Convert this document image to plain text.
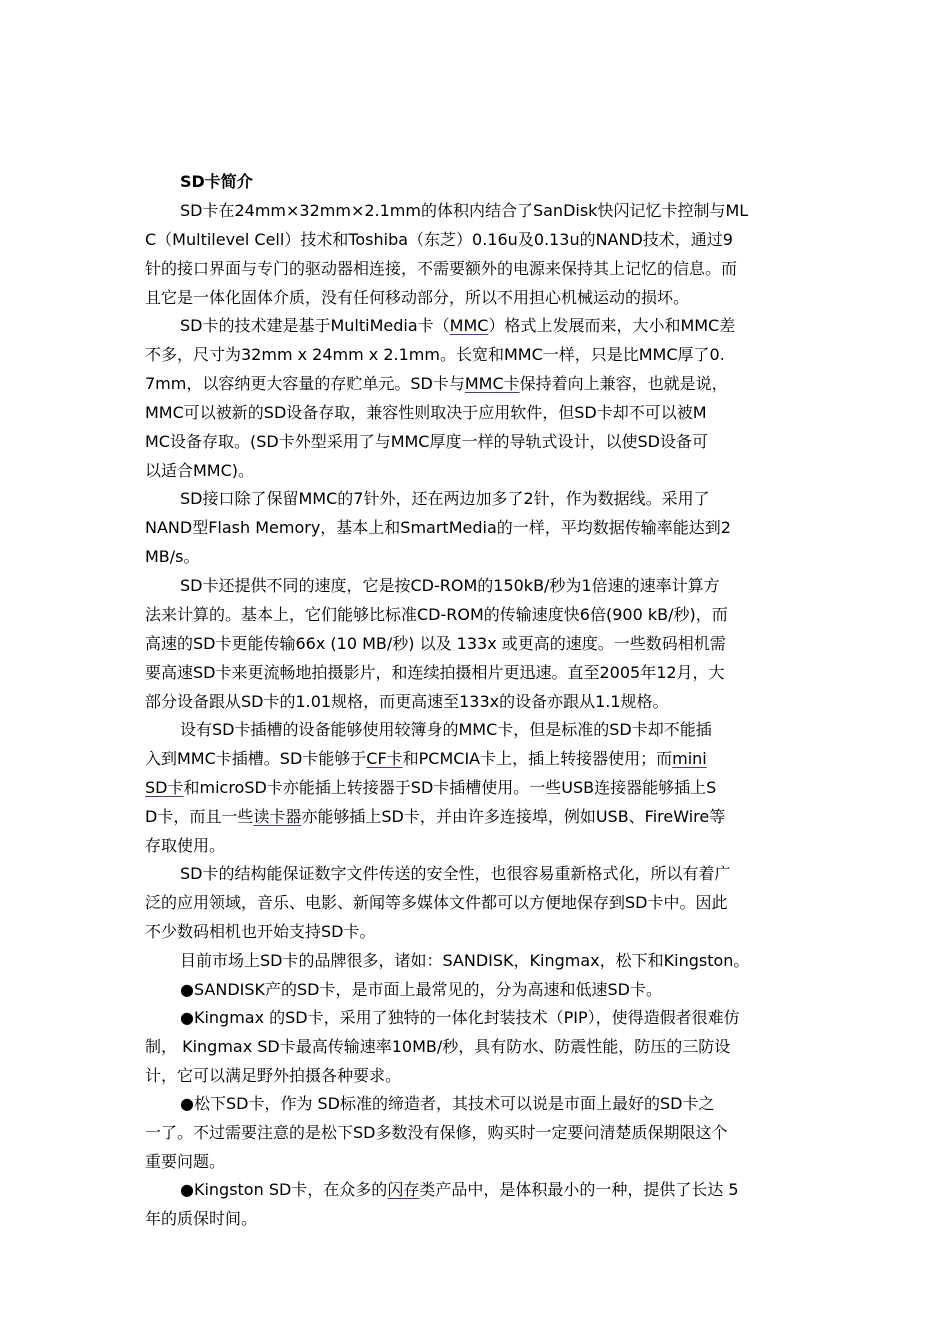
SD卡简介
SD卡在24mm×32mm×2.1mm的体积内结合了SanDisk快闪记忆卡控制与ML
C（Multilevel Cell）技术和Toshiba（东芝）0.16u及0.13u的NAND技术，通过9
针的接口界面与专门的驱动器相连接，不需要额外的电源来保持其上记忆的信息。而
且它是一体化固体介质，没有任何移动部分，所以不用担心机械运动的损坏。
SD卡的技术建是基于MultiMedia卡（MMC）格式上发展而来，大小和MMC差
不多，尺寸为32mm x 24mm x 2.1mm。长宽和MMC一样，只是比MMC厚了0.
7mm，以容纳更大容量的存贮单元。SD卡与MMC卡保持着向上兼容，也就是说，
MMC可以被新的SD设备存取，兼容性则取决于应用软件，但SD卡却不可以被M
MC设备存取。(SD卡外型采用了与MMC厚度一样的导轨式设计，以使SD设备可
以适合MMC)。
SD接口除了保留MMC的7针外，还在两边加多了2针，作为数据线。采用了
NAND型Flash Memory，基本上和SmartMedia的一样，平均数据传输率能达到2
MB/s。
SD卡还提供不同的速度，它是按CD-ROM的150kB/秒为1倍速的速率计算方
法来计算的。基本上，它们能够比标准CD-ROM的传输速度快6倍(900 kB/秒)，而
高速的SD卡更能传输66x (10 MB/秒) 以及 133x 或更高的速度。一些数码相机需
要高速SD卡来更流畅地拍摄影片，和连续拍摄相片更迅速。直至2005年12月，大
部分设备跟从SD卡的1.01规格，而更高速至133x的设备亦跟从1.1规格。
设有SD卡插槽的设备能够使用较簿身的MMC卡，但是标准的SD卡却不能插
入到MMC卡插槽。SD卡能够于CF卡和PCMCIA卡上，插上转接器使用；而mini
SD卡和microSD卡亦能插上转接器于SD卡插槽使用。一些USB连接器能够插上S
D卡，而且一些读卡器亦能够插上SD卡，并由许多连接埠，例如USB、FireWire等
存取使用。
SD卡的结构能保证数字文件传送的安全性，也很容易重新格式化，所以有着广
泛的应用领域，音乐、电影、新闻等多媒体文件都可以方便地保存到SD卡中。因此
不少数码相机也开始支持SD卡。
目前市场上SD卡的品牌很多，诸如：SANDISK，Kingmax，松下和Kingston。
●SANDISK产的SD卡，是市面上最常见的，分为高速和低速SD卡。
●Kingmax 的SD卡，采用了独特的一体化封装技术（PIP），使得造假者很难仿
制， Kingmax SD卡最高传输速率10MB/秒，具有防水、防震性能，防压的三防设
计，它可以满足野外拍摄各种要求。
●松下SD卡，作为 SD标准的缔造者，其技术可以说是市面上最好的SD卡之
一了。不过需要注意的是松下SD多数没有保修，购买时一定要问清楚质保期限这个
重要问题。
●Kingston SD卡，在众多的闪存类产品中，是体积最小的一种，提供了长达 5
年的质保时间。
